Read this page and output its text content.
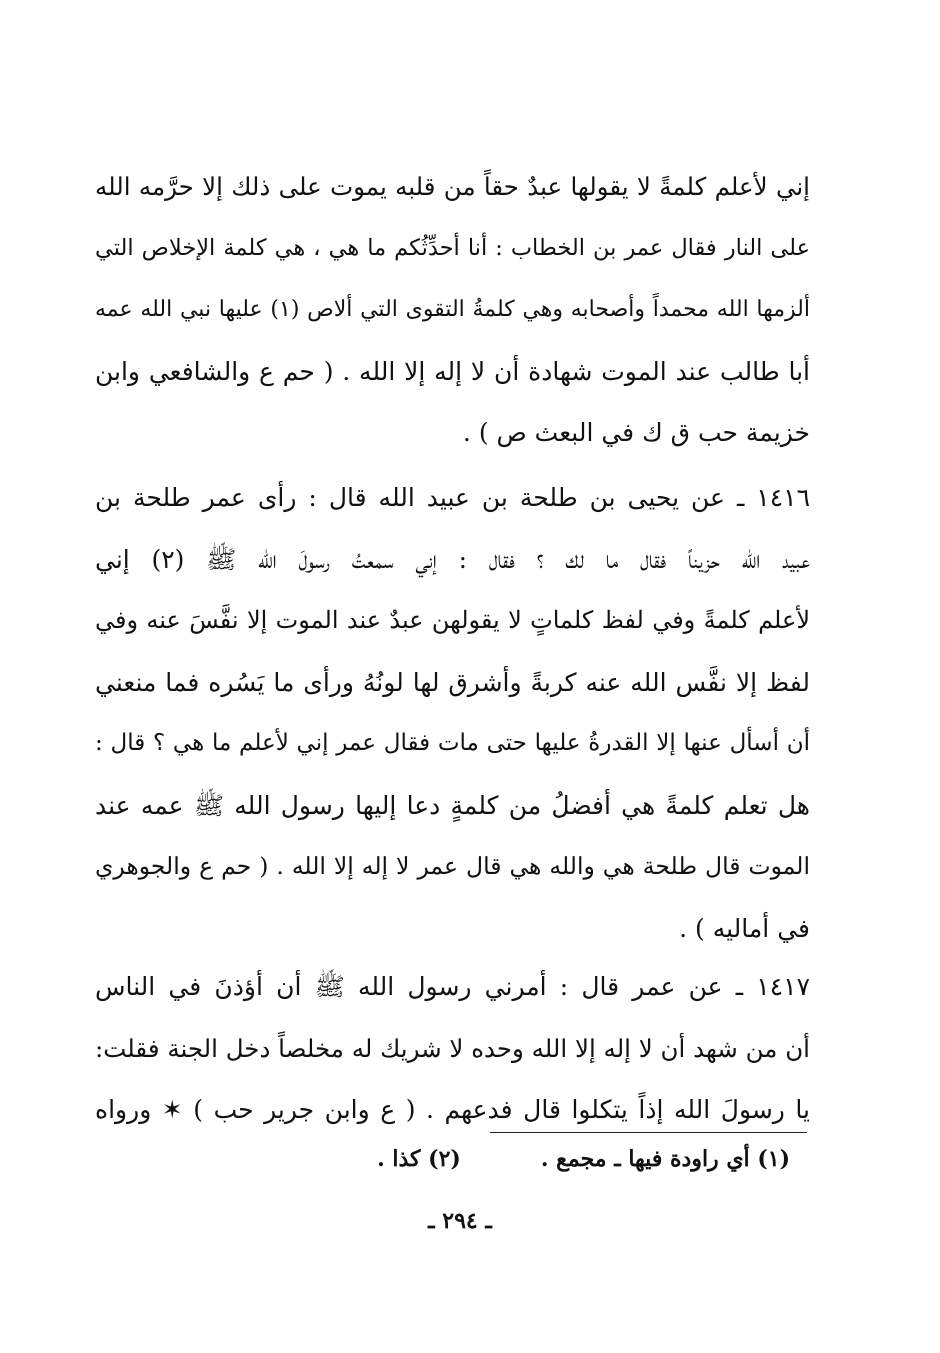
إني لأعلم كلمةً لا يقولها عبدٌ حقاً من قلبه يموت على ذلك إلا حرَّمه الله
على النار فقال عمر بن الخطاب : أنا أحدِّثُكم ما هي ، هي كلمة الإخلاص التي
ألزمها الله محمداً وأصحابه وهي كلمةُ التقوى التي ألاص (١) عليها نبي الله عمه
أبا طالب عند الموت شهادة أن لا إله إلا الله . ( حم ع والشافعي وابن
خزيمة حب ق ك في البعث ص ) .
١٤١٦ ـ عن يحيى بن طلحة بن عبيد الله قال : رأى عمر طلحة بن
عبيد الله حزيناً فقال ما لك ؟ فقال : إني سمعتُ رسولَ الله ﷺ (٢) إني
لأعلم كلمةً وفي لفظ كلماتٍ لا يقولهن عبدٌ عند الموت إلا نفَّسَ عنه وفي
لفظ إلا نفَّس الله عنه كربةً وأشرق لها لونُهُ ورأى ما يَسُره فما منعني
أن أسأل عنها إلا القدرةُ عليها حتى مات فقال عمر إني لأعلم ما هي ؟ قال :
هل تعلم كلمةً هي أفضلُ من كلمةٍ دعا إليها رسول الله ﷺ عمه عند
الموت قال طلحة هي والله هي قال عمر لا إله إلا الله . ( حم ع والجوهري
في أماليه ) .
١٤١٧ ـ عن عمر قال : أمرني رسول الله ﷺ أن أؤذنَ في الناس
أن من شهد أن لا إله إلا الله وحده لا شريك له مخلصاً دخل الجنة فقلت:
يا رسولَ الله إذاً يتكلوا قال فدعهم . ( ع وابن جرير حب ) ✶ ورواه
(١) أي راودة فيها ـ مجمع .
(٢) كذا .
ـ ٢٩٤ ـ
